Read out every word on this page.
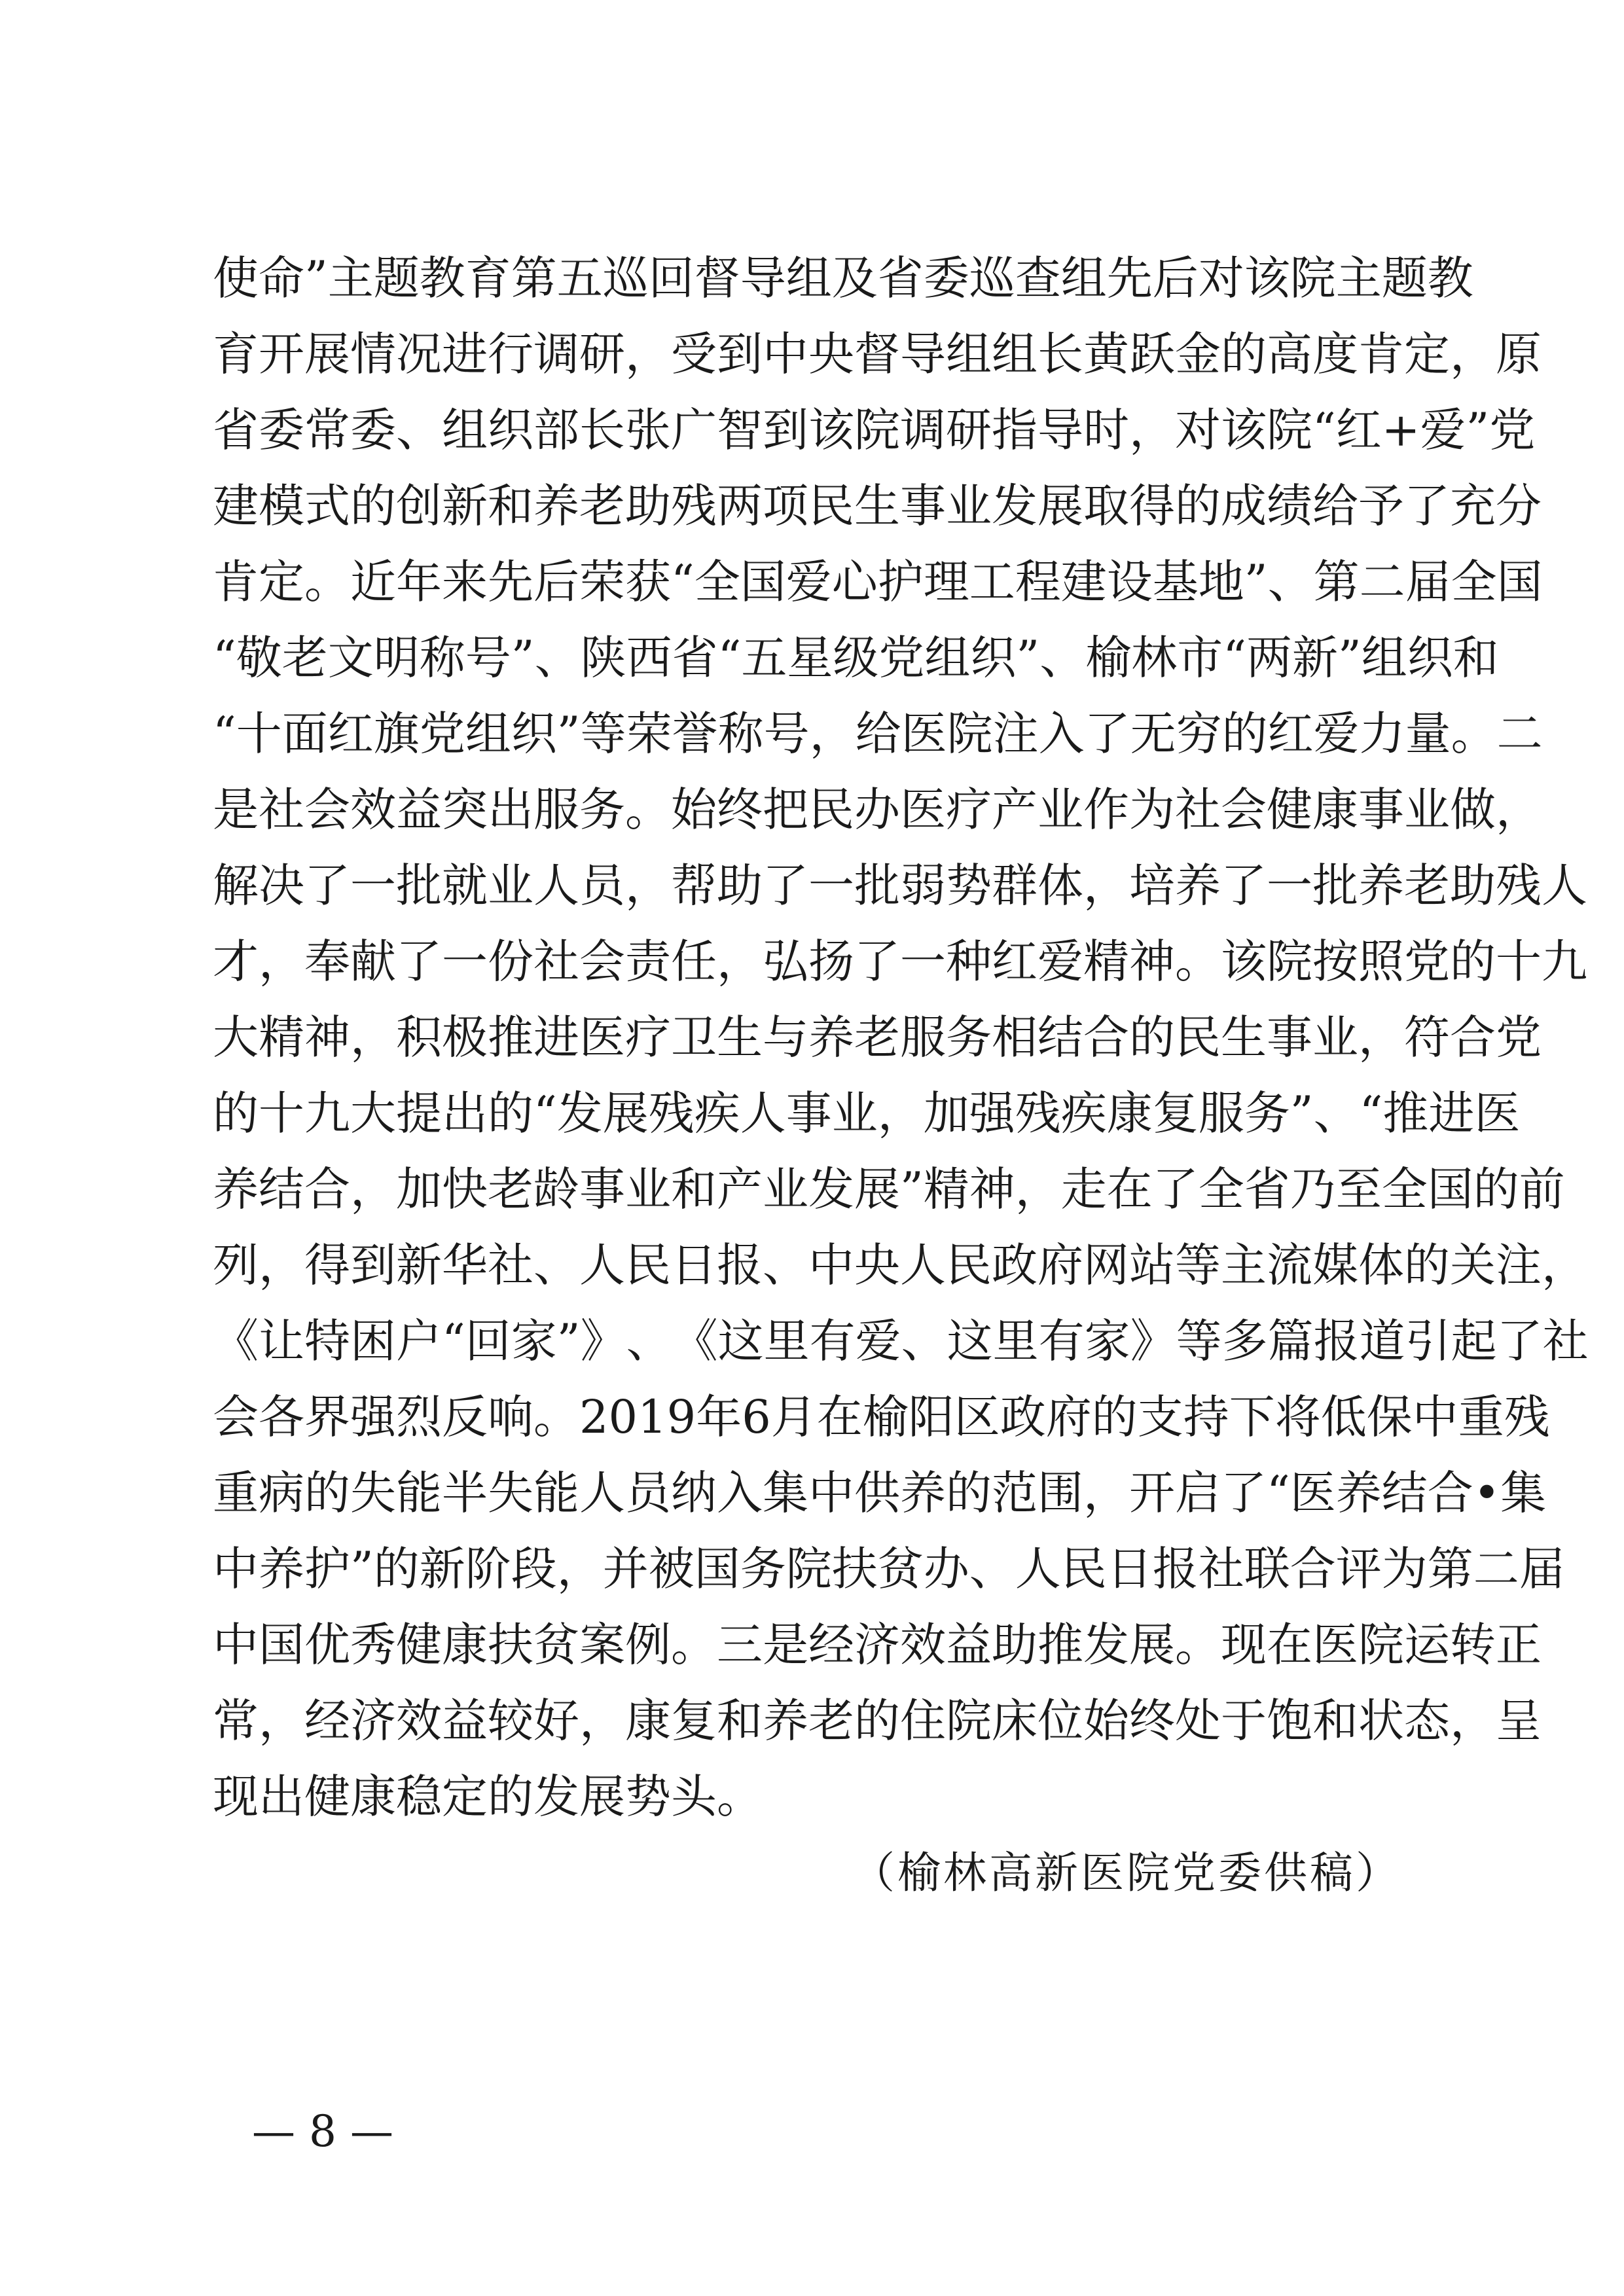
使 命 ” 主 题 教 育 第 五 巡 回 督 导 组 及 省 委 巡 查 组 先 后 对 该 院 主 题 教
育 开 展 情 况 进 行 调 研 ， 受 到 中 央 督 导 组 组 长 黄 跃 金 的 高 度 肯 定 ， 原
省 委 常 委 、 组 织 部 长 张 广 智 到 该 院 调 研 指 导 时 ， 对 该 院 “ 红 + 爱 ” 党
建 模 式 的 创 新 和 养 老 助 残 两 项 民 生 事 业 发 展 取 得 的 成 绩 给 予 了 充 分
肯 定 。 近 年 来 先 后 荣 获 “ 全 国 爱 心 护 理 工 程 建 设 基 地 ” 、 第 二 届 全 国
“ 敬 老 文 明 称 号 ” 、 陕 西 省 “ 五 星 级 党 组 织 ” 、 榆 林 市 “ 两 新 ” 组 织 和
“ 十 面 红 旗 党 组 织 ” 等 荣 誉 称 号 ， 给 医 院 注 入 了 无 穷 的 红 爱 力 量 。 二
是 社 会 效 益 突 出 服 务 。 始 终 把 民 办 医 疗 产 业 作 为 社 会 健 康 事 业 做 ，
解 决 了 一 批 就 业 人 员 ， 帮 助 了 一 批 弱 势 群 体 ， 培 养 了 一 批 养 老 助 残 人
才 ， 奉 献 了 一 份 社 会 责 任 ， 弘 扬 了 一 种 红 爱 精 神 。 该 院 按 照 党 的 十 九
大 精 神 ， 积 极 推 进 医 疗 卫 生 与 养 老 服 务 相 结 合 的 民 生 事 业 ， 符 合 党
的 十 九 大 提 出 的 “ 发 展 残 疾 人 事 业 ， 加 强 残 疾 康 复 服 务 ” 、 “ 推 进 医
养 结 合 ， 加 快 老 龄 事 业 和 产 业 发 展 ” 精 神 ， 走 在 了 全 省 乃 至 全 国 的 前
列 ， 得 到 新 华 社 、 人 民 日 报 、 中 央 人 民 政 府 网 站 等 主 流 媒 体 的 关 注 ，
《 让 特 困 户 “ 回 家 ” 》 、 《 这 里 有 爱 、 这 里 有 家 》 等 多 篇 报 道 引 起 了 社
会 各 界 强 烈 反 响 。 2 0 1 9 年 6 月 在 榆 阳 区 政 府 的 支 持 下 将 低 保 中 重 残
重 病 的 失 能 半 失 能 人 员 纳 入 集 中 供 养 的 范 围 ， 开 启 了 “ 医 养 结 合 • 集
中 养 护 ” 的 新 阶 段 ， 并 被 国 务 院 扶 贫 办 、 人 民 日 报 社 联 合 评 为 第 二 届
中 国 优 秀 健 康 扶 贫 案 例 。 三 是 经 济 效 益 助 推 发 展 。 现 在 医 院 运 转 正
常 ， 经 济 效 益 较 好 ， 康 复 和 养 老 的 住 院 床 位 始 终 处 于 饱 和 状 态 ， 呈
现出健康稳定的发展势头。
（榆林高新医院党委供稿）
— 8 —
